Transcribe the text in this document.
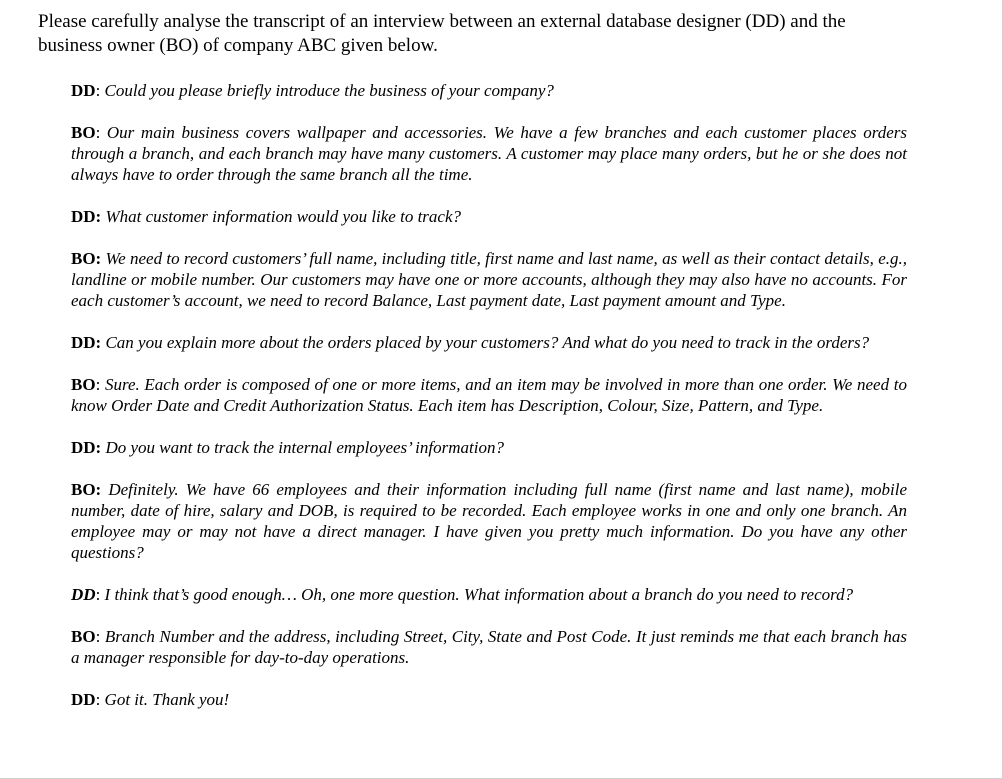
Please carefully analyse the transcript of an interview between an external database designer (DD) and the business owner (BO) of company ABC given below.

DD: Could you please briefly introduce the business of your company?

BO: Our main business covers wallpaper and accessories. We have a few branches and each customer places orders through a branch, and each branch may have many customers. A customer may place many orders, but he or she does not always have to order through the same branch all the time.

DD: What customer information would you like to track?

BO: We need to record customers’ full name, including title, first name and last name, as well as their contact details, e.g., landline or mobile number. Our customers may have one or more accounts, although they may also have no accounts. For each customer’s account, we need to record Balance, Last payment date, Last payment amount and Type.

DD: Can you explain more about the orders placed by your customers? And what do you need to track in the orders?

BO: Sure. Each order is composed of one or more items, and an item may be involved in more than one order. We need to know Order Date and Credit Authorization Status. Each item has Description, Colour, Size, Pattern, and Type.

DD: Do you want to track the internal employees’ information?

BO: Definitely. We have 66 employees and their information including full name (first name and last name), mobile number, date of hire, salary and DOB, is required to be recorded. Each employee works in one and only one branch. An employee may or may not have a direct manager. I have given you pretty much information. Do you have any other questions?

DD: I think that’s good enough… Oh, one more question. What information about a branch do you need to record?

BO: Branch Number and the address, including Street, City, State and Post Code. It just reminds me that each branch has a manager responsible for day-to-day operations.

DD: Got it. Thank you!
